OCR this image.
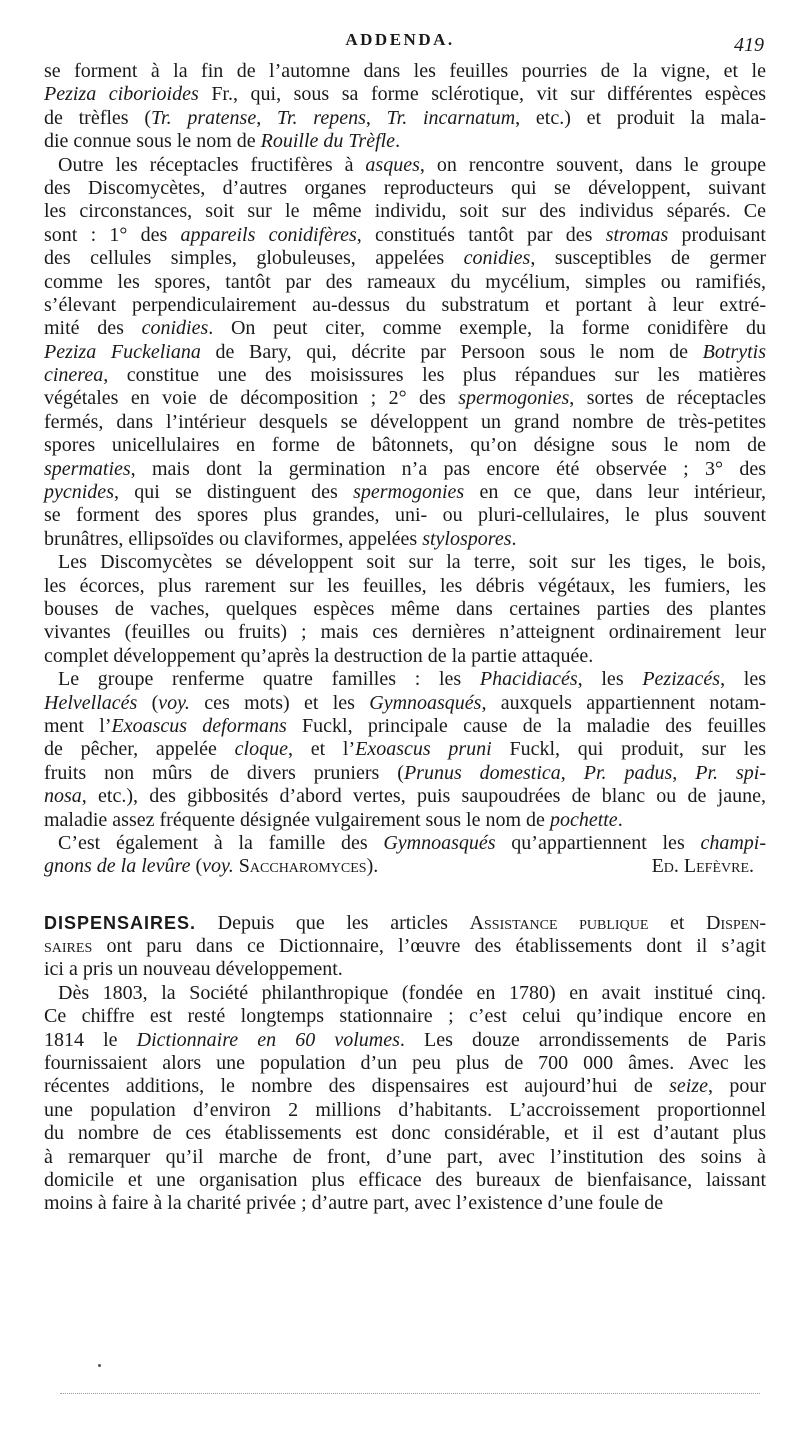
ADDENDA.	419
se forment à la fin de l’automne dans les feuilles pourries de la vigne, et le
Peziza ciborioides Fr., qui, sous sa forme sclérotique, vit sur différentes espèces
de trèfles (Tr. pratense, Tr. repens, Tr. incarnatum, etc.) et produit la mala-
die connue sous le nom de Rouille du Trèfle.
Outre les réceptacles fructifères à asques, on rencontre souvent, dans le groupe
des Discomycètes, d’autres organes reproducteurs qui se développent, suivant
les circonstances, soit sur le même individu, soit sur des individus séparés. Ce
sont : 1° des appareils conidifères, constitués tantôt par des stromas produisant
des cellules simples, globuleuses, appelées conidies, susceptibles de germer
comme les spores, tantôt par des rameaux du mycélium, simples ou ramifiés,
s’élevant perpendiculairement au-dessus du substratum et portant à leur extré-
mité des conidies. On peut citer, comme exemple, la forme conidifère du
Peziza Fuckeliana de Bary, qui, décrite par Persoon sous le nom de Botrytis
cinerea, constitue une des moisissures les plus répandues sur les matières
végétales en voie de décomposition ; 2° des spermogonies, sortes de réceptacles
fermés, dans l’intérieur desquels se développent un grand nombre de très-petites
spores unicellulaires en forme de bâtonnets, qu’on désigne sous le nom de
spermaties, mais dont la germination n’a pas encore été observée ; 3° des
pycnides, qui se distinguent des spermogonies en ce que, dans leur intérieur,
se forment des spores plus grandes, uni- ou pluri-cellulaires, le plus souvent
brunâtres, ellipsoïdes ou claviformes, appelées stylospores.
Les Discomycètes se développent soit sur la terre, soit sur les tiges, le bois,
les écorces, plus rarement sur les feuilles, les débris végétaux, les fumiers, les
bouses de vaches, quelques espèces même dans certaines parties des plantes
vivantes (feuilles ou fruits) ; mais ces dernières n’atteignent ordinairement leur
complet développement qu’après la destruction de la partie attaquée.
Le groupe renferme quatre familles : les Phacidiacés, les Pezizacés, les
Helvellacés (voy. ces mots) et les Gymnoasqués, auxquels appartiennent notam-
ment l’Exoascus deformans Fuckl, principale cause de la maladie des feuilles
de pêcher, appelée cloque, et l’Exoascus pruni Fuckl, qui produit, sur les
fruits non mûrs de divers pruniers (Prunus domestica, Pr. padus, Pr. spi-
nosa, etc.), des gibbosités d’abord vertes, puis saupoudrées de blanc ou de jaune,
maladie assez fréquente désignée vulgairement sous le nom de pochette.
C’est également à la famille des Gymnoasqués qu’appartiennent les champi-
gnons de la levûre (voy. Saccharomyces).	Ed. Lefèvre.
DISPENSAIRES. Depuis que les articles Assistance publique et Dispen-
saires ont paru dans ce Dictionnaire, l’œuvre des établissements dont il s’agit
ici a pris un nouveau développement.
Dès 1803, la Société philanthropique (fondée en 1780) en avait institué cinq.
Ce chiffre est resté longtemps stationnaire ; c’est celui qu’indique encore en
1814 le Dictionnaire en 60 volumes. Les douze arrondissements de Paris
fournissaient alors une population d’un peu plus de 700 000 âmes. Avec les
récentes additions, le nombre des dispensaires est aujourd’hui de seize, pour
une population d’environ 2 millions d’habitants. L’accroissement proportionnel
du nombre de ces établissements est donc considérable, et il est d’autant plus
à remarquer qu’il marche de front, d’une part, avec l’institution des soins à
domicile et une organisation plus efficace des bureaux de bienfaisance, laissant
moins à faire à la charité privée ; d’autre part, avec l’existence d’une foule de
